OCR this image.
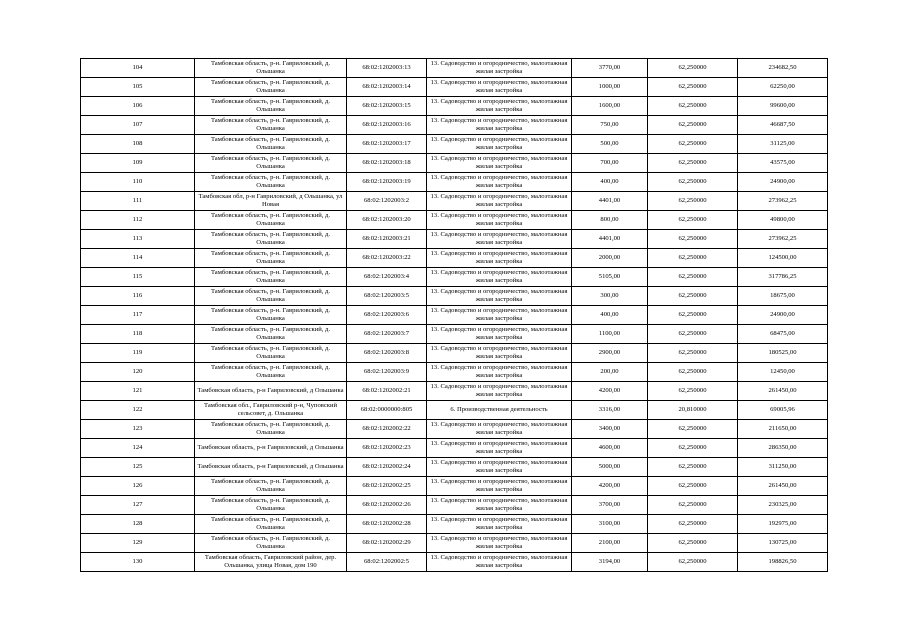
104	Тамбовская область, р-н. Гавриловский, д. Ольшанка	68:02:1202003:13	13. Садоводство и огородничество, малоэтажная жилая застройка	3770,00	62,250000	234682,50
105	Тамбовская область, р-н. Гавриловский, д. Ольшанка	68:02:1202003:14	13. Садоводство и огородничество, малоэтажная жилая застройка	1000,00	62,250000	62250,00
106	Тамбовская область, р-н. Гавриловский, д. Ольшанка	68:02:1202003:15	13. Садоводство и огородничество, малоэтажная жилая застройка	1600,00	62,250000	99600,00
107	Тамбовская область, р-н. Гавриловский, д. Ольшанка	68:02:1202003:16	13. Садоводство и огородничество, малоэтажная жилая застройка	750,00	62,250000	46687,50
108	Тамбовская область, р-н. Гавриловский, д. Ольшанка	68:02:1202003:17	13. Садоводство и огородничество, малоэтажная жилая застройка	500,00	62,250000	31125,00
109	Тамбовская область, р-н. Гавриловский, д. Ольшанка	68:02:1202003:18	13. Садоводство и огородничество, малоэтажная жилая застройка	700,00	62,250000	43575,00
110	Тамбовская область, р-н. Гавриловский, д. Ольшанка	68:02:1202003:19	13. Садоводство и огородничество, малоэтажная жилая застройка	400,00	62,250000	24900,00
111	Тамбовская обл, р-н Гавриловский, д Ольшанка, ул Новая	68:02:1202003:2	13. Садоводство и огородничество, малоэтажная жилая застройка	4401,00	62,250000	273962,25
112	Тамбовская область, р-н. Гавриловский, д. Ольшанка	68:02:1202003:20	13. Садоводство и огородничество, малоэтажная жилая застройка	800,00	62,250000	49800,00
113	Тамбовская область, р-н. Гавриловский, д. Ольшанка	68:02:1202003:21	13. Садоводство и огородничество, малоэтажная жилая застройка	4401,00	62,250000	273962,25
114	Тамбовская область, р-н. Гавриловский, д. Ольшанка	68:02:1202003:22	13. Садоводство и огородничество, малоэтажная жилая застройка	2000,00	62,250000	124500,00
115	Тамбовская область, р-н. Гавриловский, д. Ольшанка	68:02:1202003:4	13. Садоводство и огородничество, малоэтажная жилая застройка	5105,00	62,250000	317786,25
116	Тамбовская область, р-н. Гавриловский, д. Ольшанка	68:02:1202003:5	13. Садоводство и огородничество, малоэтажная жилая застройка	300,00	62,250000	18675,00
117	Тамбовская область, р-н. Гавриловский, д. Ольшанка	68:02:1202003:6	13. Садоводство и огородничество, малоэтажная жилая застройка	400,00	62,250000	24900,00
118	Тамбовская область, р-н. Гавриловский, д. Ольшанка	68:02:1202003:7	13. Садоводство и огородничество, малоэтажная жилая застройка	1100,00	62,250000	68475,00
119	Тамбовская область, р-н. Гавриловский, д. Ольшанка	68:02:1202003:8	13. Садоводство и огородничество, малоэтажная жилая застройка	2900,00	62,250000	180525,00
120	Тамбовская область, р-н. Гавриловский, д. Ольшанка	68:02:1202003:9	13. Садоводство и огородничество, малоэтажная жилая застройка	200,00	62,250000	12450,00
121	Тамбовская область, р-н Гавриловский, д Ольшанка	68:02:1202002:21	13. Садоводство и огородничество, малоэтажная жилая застройка	4200,00	62,250000	261450,00
122	Тамбовская обл., Гавриловский р-н, Чуповский сельсовет, д. Ольшанка	68:02:0000000:805	6. Производственная деятельность	3316,00	20,810000	69005,96
123	Тамбовская область, р-н. Гавриловский, д. Ольшанка	68:02:1202002:22	13. Садоводство и огородничество, малоэтажная жилая застройка	3400,00	62,250000	211650,00
124	Тамбовская область, р-н Гавриловский, д Ольшанка	68:02:1202002:23	13. Садоводство и огородничество, малоэтажная жилая застройка	4600,00	62,250000	286350,00
125	Тамбовская область, р-н Гавриловский, д Ольшанка	68:02:1202002:24	13. Садоводство и огородничество, малоэтажная жилая застройка	5000,00	62,250000	311250,00
126	Тамбовская область, р-н. Гавриловский, д. Ольшанка	68:02:1202002:25	13. Садоводство и огородничество, малоэтажная жилая застройка	4200,00	62,250000	261450,00
127	Тамбовская область, р-н. Гавриловский, д. Ольшанка	68:02:1202002:26	13. Садоводство и огородничество, малоэтажная жилая застройка	3700,00	62,250000	230325,00
128	Тамбовская область, р-н. Гавриловский, д. Ольшанка	68:02:1202002:28	13. Садоводство и огородничество, малоэтажная жилая застройка	3100,00	62,250000	192975,00
129	Тамбовская область, р-н. Гавриловский, д. Ольшанка	68:02:1202002:29	13. Садоводство и огородничество, малоэтажная жилая застройка	2100,00	62,250000	130725,00
130	Тамбовская область, Гавриловский район, дер. Ольшанка, улица Новая, дом 190	68:02:1202002:5	13. Садоводство и огородничество, малоэтажная жилая застройка	3194,00	62,250000	198826,50
